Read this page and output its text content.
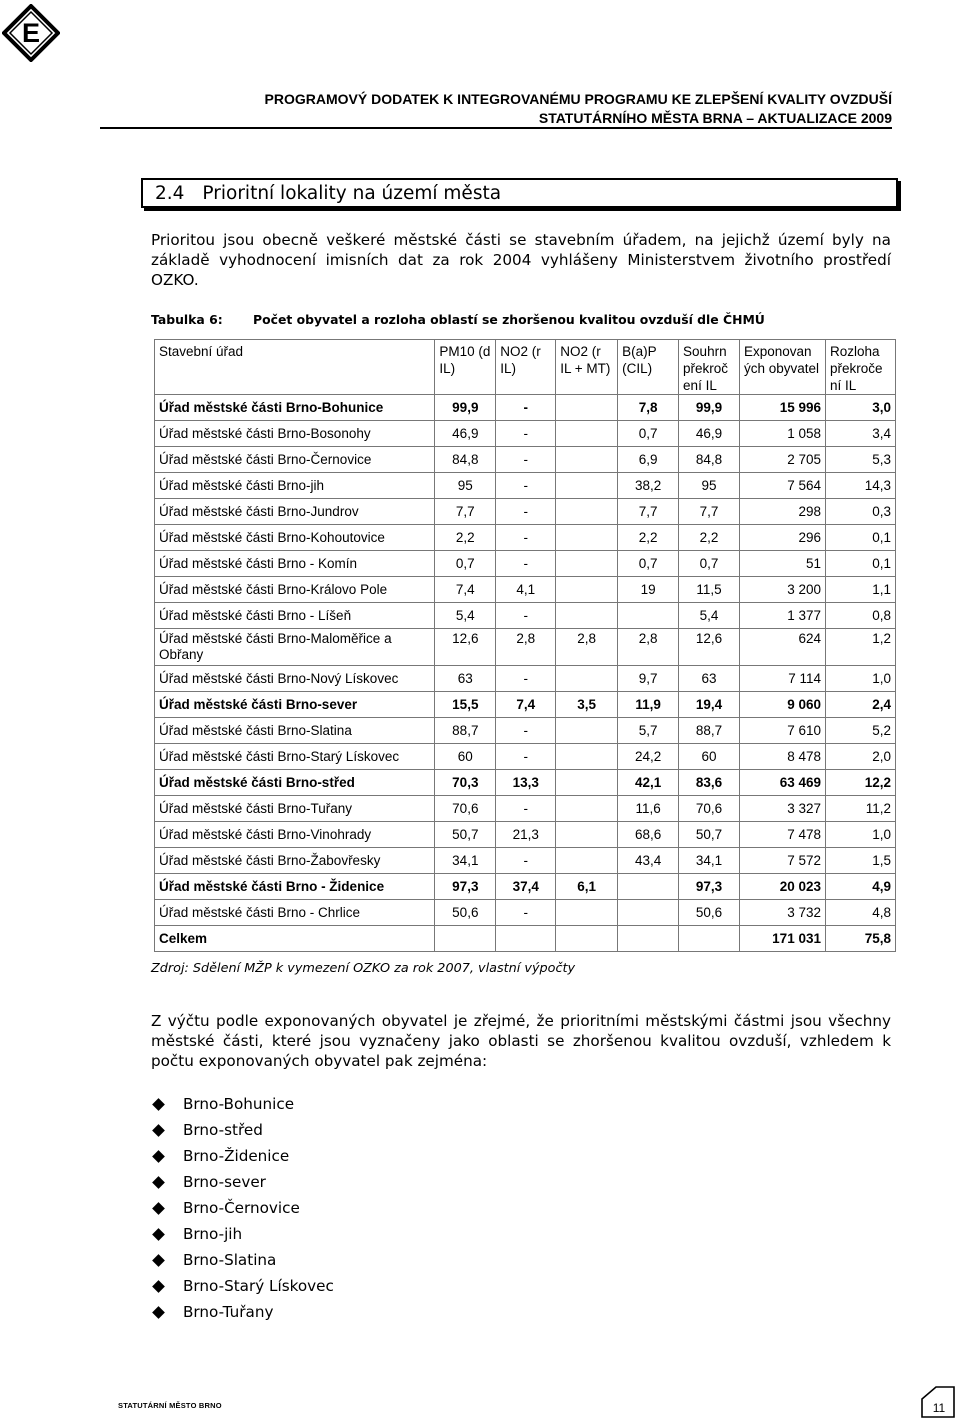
E
PROGRAMOVÝ DODATEK K INTEGROVANÉMU PROGRAMU KE ZLEPŠENÍ KVALITY OVZDUŠÍ
STATUTÁRNÍHO MĚSTA BRNA – AKTUALIZACE 2009
2.4 Prioritní lokality na území města
Prioritou jsou obecně veškeré městské části se stavebním úřadem, na jejichž území byly na základě vyhodnocení imisních dat za rok 2004 vyhlášeny Ministerstvem životního prostředí OZKO.
Tabulka 6: Počet obyvatel a rozloha oblastí se zhoršenou kvalitou ovzduší dle ČHMÚ
Stavební úřad	PM10 (d IL)	NO2 (r IL)	NO2 (r IL + MT)	B(a)P (CIL)	Souhrn překroč ení IL	Exponovan ých obyvatel	Rozloha překroče ní IL
Úřad městské části Brno-Bohunice	99,9	-		7,8	99,9	15 996	3,0
Úřad městské části Brno-Bosonohy	46,9	-		0,7	46,9	1 058	3,4
Úřad městské části Brno-Černovice	84,8	-		6,9	84,8	2 705	5,3
Úřad městské části Brno-jih	95	-		38,2	95	7 564	14,3
Úřad městské části Brno-Jundrov	7,7	-		7,7	7,7	298	0,3
Úřad městské části Brno-Kohoutovice	2,2	-		2,2	2,2	296	0,1
Úřad městské části Brno - Komín	0,7	-		0,7	0,7	51	0,1
Úřad městské části Brno-Královo Pole	7,4	4,1		19	11,5	3 200	1,1
Úřad městské části Brno - Líšeň	5,4	-			5,4	1 377	0,8
Úřad městské části Brno-Maloměřice a Obřany	12,6	2,8	2,8	2,8	12,6	624	1,2
Úřad městské části Brno-Nový Lískovec	63	-		9,7	63	7 114	1,0
Úřad městské části Brno-sever	15,5	7,4	3,5	11,9	19,4	9 060	2,4
Úřad městské části Brno-Slatina	88,7	-		5,7	88,7	7 610	5,2
Úřad městské části Brno-Starý Lískovec	60	-		24,2	60	8 478	2,0
Úřad městské části Brno-střed	70,3	13,3		42,1	83,6	63 469	12,2
Úřad městské části Brno-Tuřany	70,6	-		11,6	70,6	3 327	11,2
Úřad městské části Brno-Vinohrady	50,7	21,3		68,6	50,7	7 478	1,0
Úřad městské části Brno-Žabovřesky	34,1	-		43,4	34,1	7 572	1,5
Úřad městské části Brno - Židenice	97,3	37,4	6,1		97,3	20 023	4,9
Úřad městské části Brno - Chrlice	50,6	-			50,6	3 732	4,8
Celkem						171 031	75,8
Zdroj: Sdělení MŽP k vymezení OZKO za rok 2007, vlastní výpočty
Z výčtu podle exponovaných obyvatel je zřejmé, že prioritními městskými částmi jsou všechny městské části, které jsou vyznačeny jako oblasti se zhoršenou kvalitou ovzduší, vzhledem k počtu exponovaných obyvatel pak zejména:
Brno-Bohunice
Brno-střed
Brno-Židenice
Brno-sever
Brno-Černovice
Brno-jih
Brno-Slatina
Brno-Starý Lískovec
Brno-Tuřany
STATUTÁRNÍ MĚSTO BRNO	11
